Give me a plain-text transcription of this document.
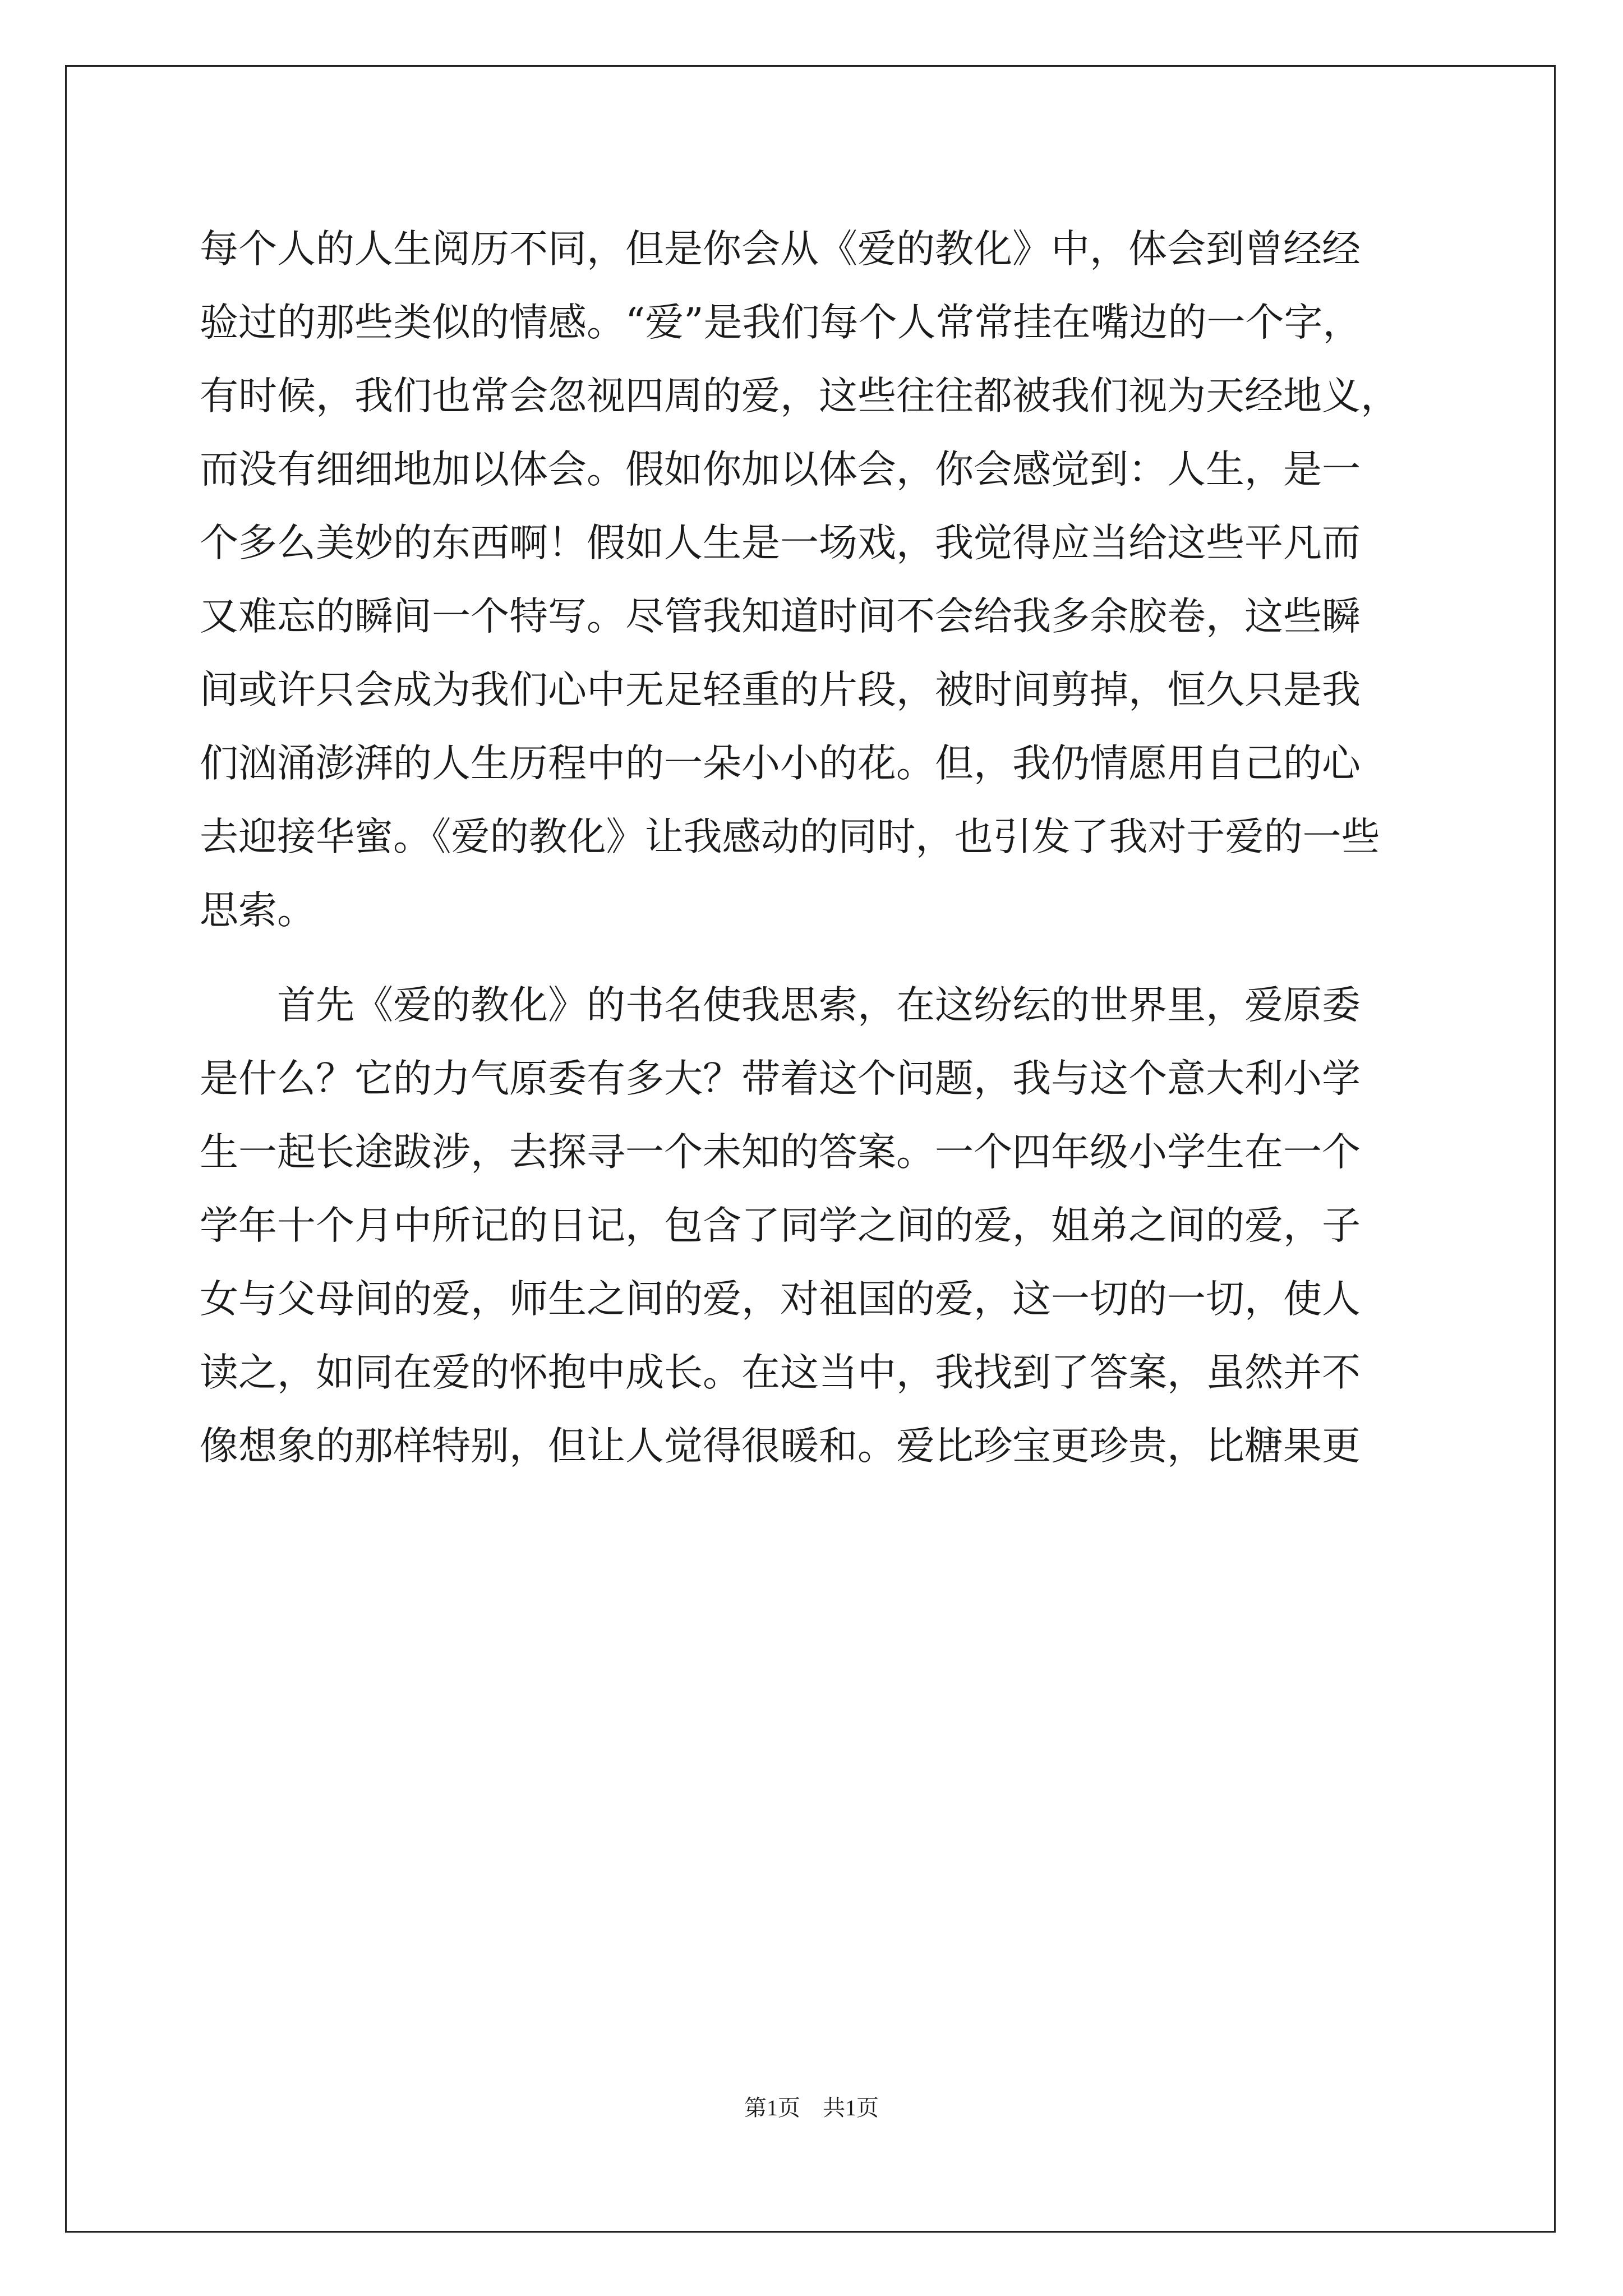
每个人的人生阅历不同，但是你会从《爱的教化》中，体会到曾经经
验过的那些类似的情感。“爱”是我们每个人常常挂在嘴边的一个字，
有时候，我们也常会忽视四周的爱，这些往往都被我们视为天经地义，
而没有细细地加以体会。假如你加以体会，你会感觉到：人生，是一
个多么美妙的东西啊！假如人生是一场戏，我觉得应当给这些平凡而
又难忘的瞬间一个特写。尽管我知道时间不会给我多余胶卷，这些瞬
间或许只会成为我们心中无足轻重的片段，被时间剪掉，恒久只是我
们汹涌澎湃的人生历程中的一朵小小的花。但，我仍情愿用自己的心
去迎接华蜜。《爱的教化》让我感动的同时，也引发了我对于爱的一些
思索。
　　首先《爱的教化》的书名使我思索，在这纷纭的世界里，爱原委
是什么？它的力气原委有多大？带着这个问题，我与这个意大利小学
生一起长途跋涉，去探寻一个未知的答案。一个四年级小学生在一个
学年十个月中所记的日记，包含了同学之间的爱，姐弟之间的爱，子
女与父母间的爱，师生之间的爱，对祖国的爱，这一切的一切，使人
读之，如同在爱的怀抱中成长。在这当中，我找到了答案，虽然并不
像想象的那样特别，但让人觉得很暖和。爱比珍宝更珍贵，比糖果更
第1页　共1页
